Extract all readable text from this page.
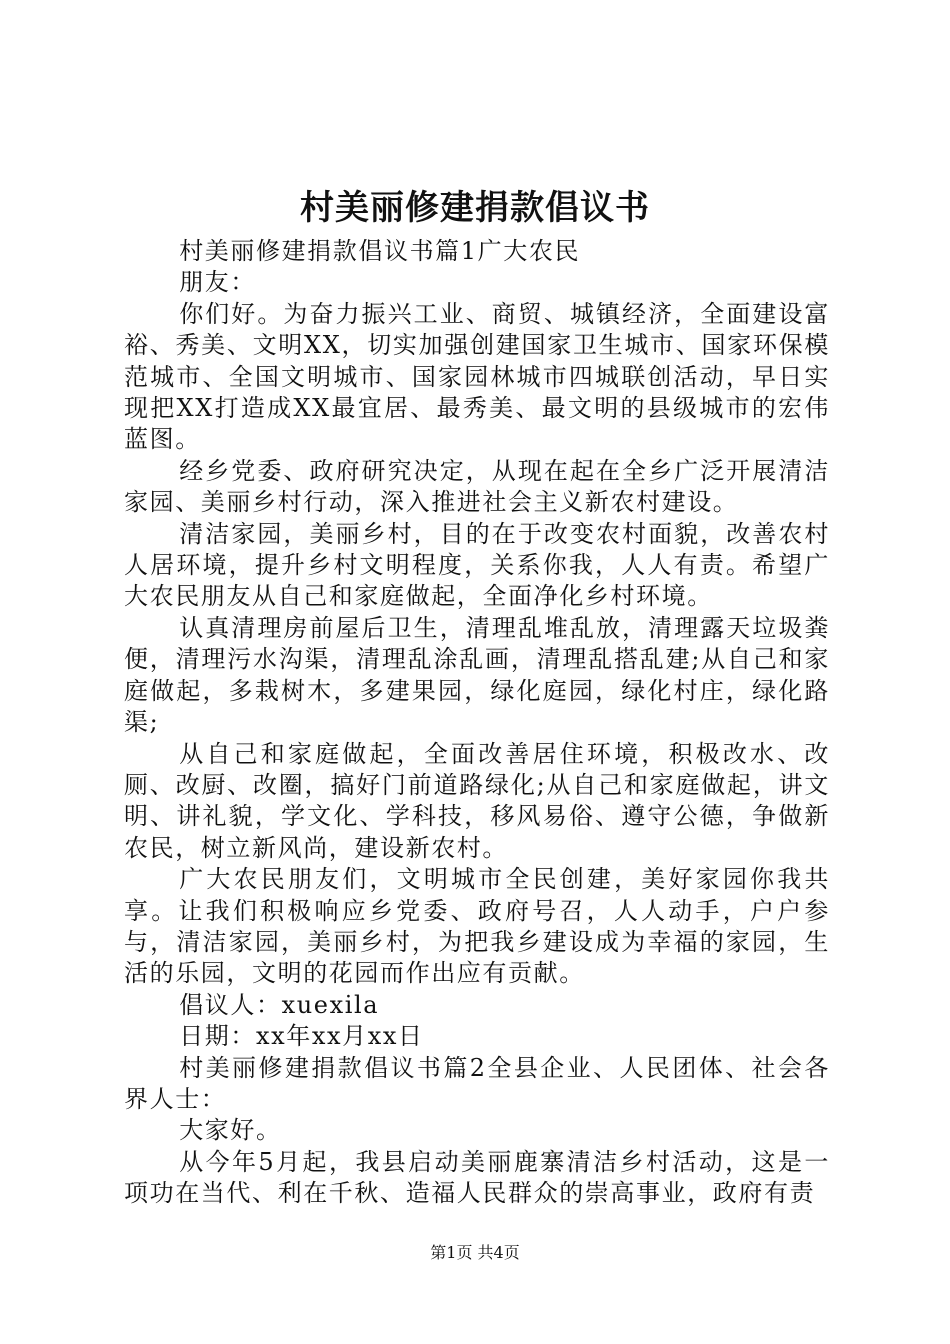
村美丽修建捐款倡议书

村美丽修建捐款倡议书篇1广大农民

朋友：

你们好。为奋力振兴工业、商贸、城镇经济，全面建设富裕、秀美、文明XX，切实加强创建国家卫生城市、国家环保模范城市、全国文明城市、国家园林城市四城联创活动，早日实现把XX打造成XX最宜居、最秀美、最文明的县级城市的宏伟蓝图。

经乡党委、政府研究决定，从现在起在全乡广泛开展清洁家园、美丽乡村行动，深入推进社会主义新农村建设。

清洁家园，美丽乡村，目的在于改变农村面貌，改善农村人居环境，提升乡村文明程度，关系你我，人人有责。希望广大农民朋友从自己和家庭做起，全面净化乡村环境。

认真清理房前屋后卫生，清理乱堆乱放，清理露天垃圾粪便，清理污水沟渠，清理乱涂乱画，清理乱搭乱建;从自己和家庭做起，多栽树木，多建果园，绿化庭园，绿化村庄，绿化路渠;

从自己和家庭做起，全面改善居住环境，积极改水、改厕、改厨、改圈，搞好门前道路绿化;从自己和家庭做起，讲文明、讲礼貌，学文化、学科技，移风易俗、遵守公德，争做新农民，树立新风尚，建设新农村。

广大农民朋友们，文明城市全民创建，美好家园你我共享。让我们积极响应乡党委、政府号召，人人动手，户户参与，清洁家园，美丽乡村，为把我乡建设成为幸福的家园，生活的乐园，文明的花园而作出应有贡献。

倡议人：xuexila

日期：xx年xx月xx日

村美丽修建捐款倡议书篇2全县企业、人民团体、社会各界人士：

大家好。

从今年5月起，我县启动美丽鹿寨清洁乡村活动，这是一项功在当代、利在千秋、造福人民群众的崇高事业，政府有责

第1页 共4页
